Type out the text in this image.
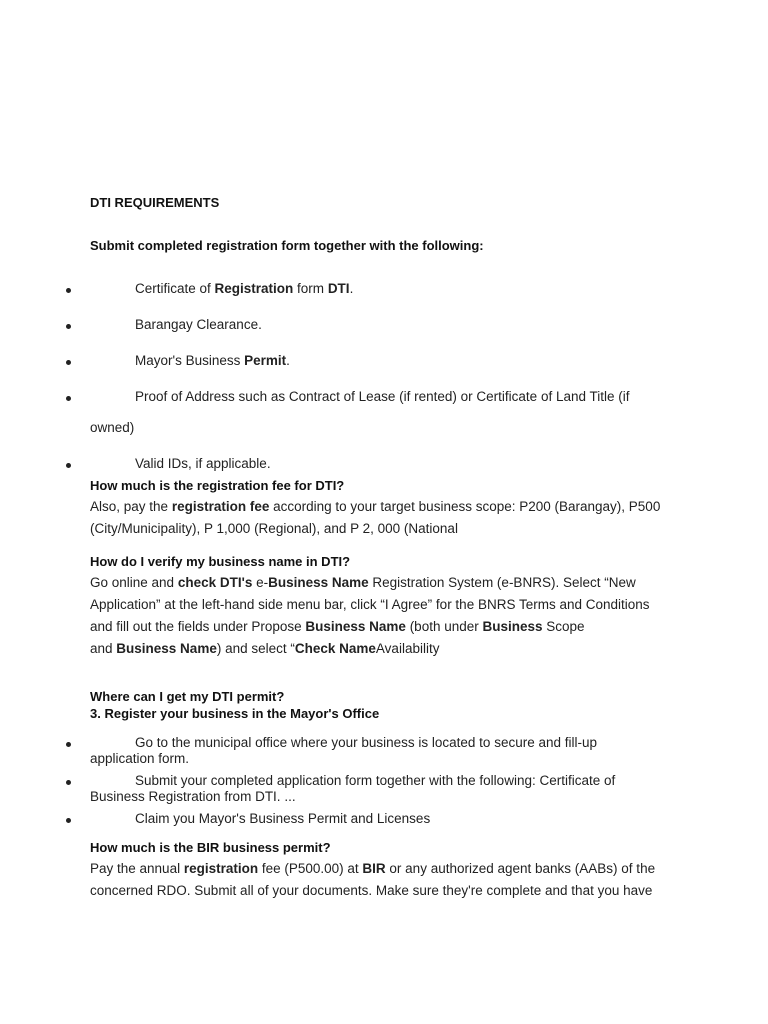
DTI REQUIREMENTS
Submit completed registration form together with the following:
Certificate of Registration form DTI.
Barangay Clearance.
Mayor's Business Permit.
Proof of Address such as Contract of Lease (if rented) or Certificate of Land Title (if
owned)
Valid IDs, if applicable.
How much is the registration fee for DTI?
Also, pay the registration fee according to your target business scope: P200 (Barangay), P500
(City/Municipality), P 1,000 (Regional), and P 2, 000 (National
How do I verify my business name in DTI?
Go online and check DTI's e-Business Name Registration System (e-BNRS). Select “New
Application” at the left-hand side menu bar, click “I Agree” for the BNRS Terms and Conditions
and fill out the fields under Propose Business Name (both under Business Scope
and Business Name) and select “Check NameAvailability
Where can I get my DTI permit?
3. Register your business in the Mayor's Office
Go to the municipal office where your business is located to secure and fill-up
application form.
Submit your completed application form together with the following: Certificate of
Business Registration from DTI. ...
Claim you Mayor's Business Permit and Licenses
How much is the BIR business permit?
Pay the annual registration fee (P500.00) at BIR or any authorized agent banks (AABs) of the
concerned RDO. Submit all of your documents. Make sure they're complete and that you have
